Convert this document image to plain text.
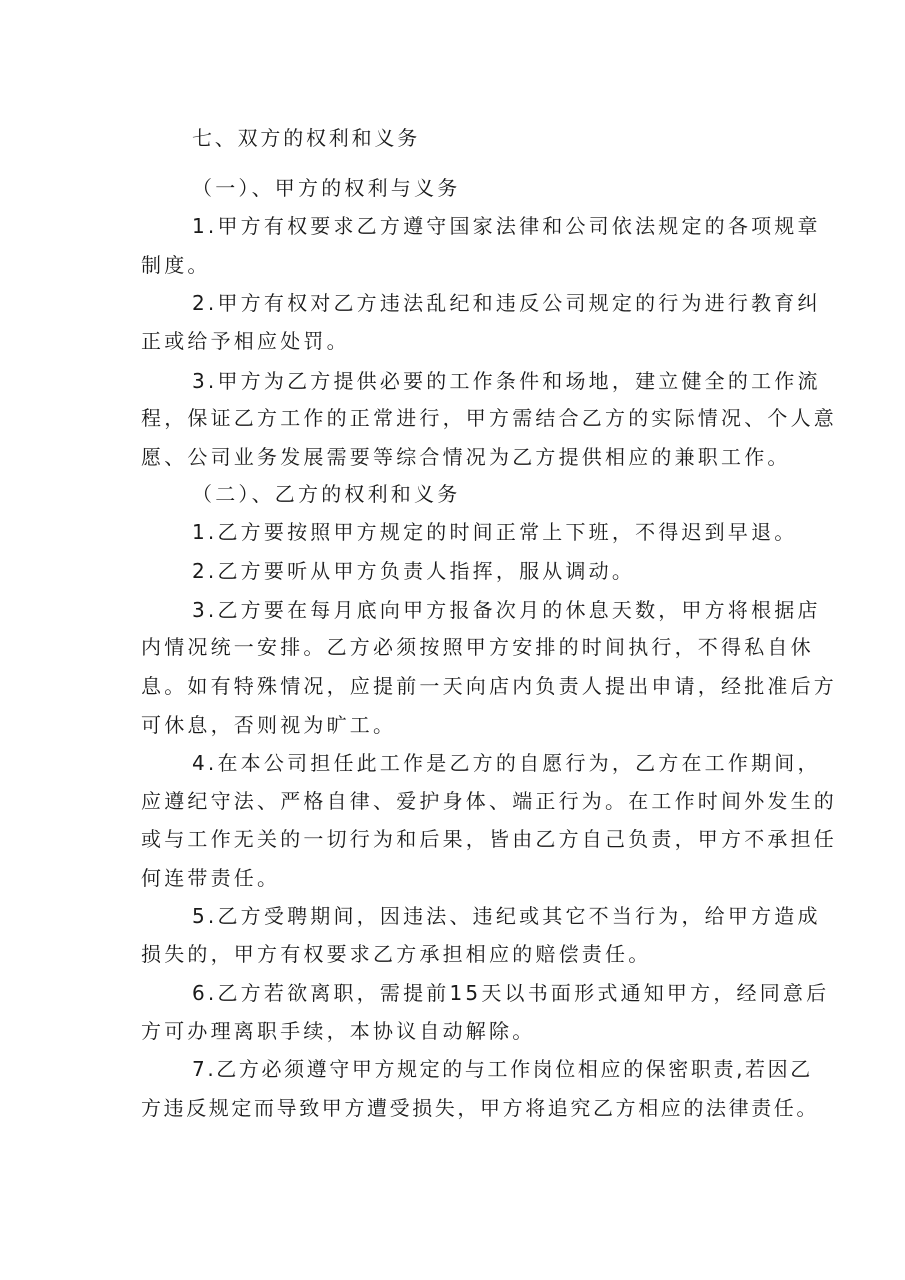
七、双方的权利和义务
（一）、甲方的权利与义务
1.甲方有权要求乙方遵守国家法律和公司依法规定的各项规章
制度。
2.甲方有权对乙方违法乱纪和违反公司规定的行为进行教育纠
正或给予相应处罚。
3.甲方为乙方提供必要的工作条件和场地，建立健全的工作流
程，保证乙方工作的正常进行，甲方需结合乙方的实际情况、个人意
愿、公司业务发展需要等综合情况为乙方提供相应的兼职工作。
（二）、乙方的权利和义务
1.乙方要按照甲方规定的时间正常上下班，不得迟到早退。
2.乙方要听从甲方负责人指挥，服从调动。
3.乙方要在每月底向甲方报备次月的休息天数，甲方将根据店
内情况统一安排。乙方必须按照甲方安排的时间执行，不得私自休
息。如有特殊情况，应提前一天向店内负责人提出申请，经批准后方
可休息，否则视为旷工。
4.在本公司担任此工作是乙方的自愿行为，乙方在工作期间，
应遵纪守法、严格自律、爱护身体、端正行为。在工作时间外发生的
或与工作无关的一切行为和后果，皆由乙方自己负责，甲方不承担任
何连带责任。
5.乙方受聘期间，因违法、违纪或其它不当行为，给甲方造成
损失的，甲方有权要求乙方承担相应的赔偿责任。
6.乙方若欲离职，需提前15天以书面形式通知甲方，经同意后
方可办理离职手续，本协议自动解除。
7.乙方必须遵守甲方规定的与工作岗位相应的保密职责,若因乙
方违反规定而导致甲方遭受损失，甲方将追究乙方相应的法律责任。
